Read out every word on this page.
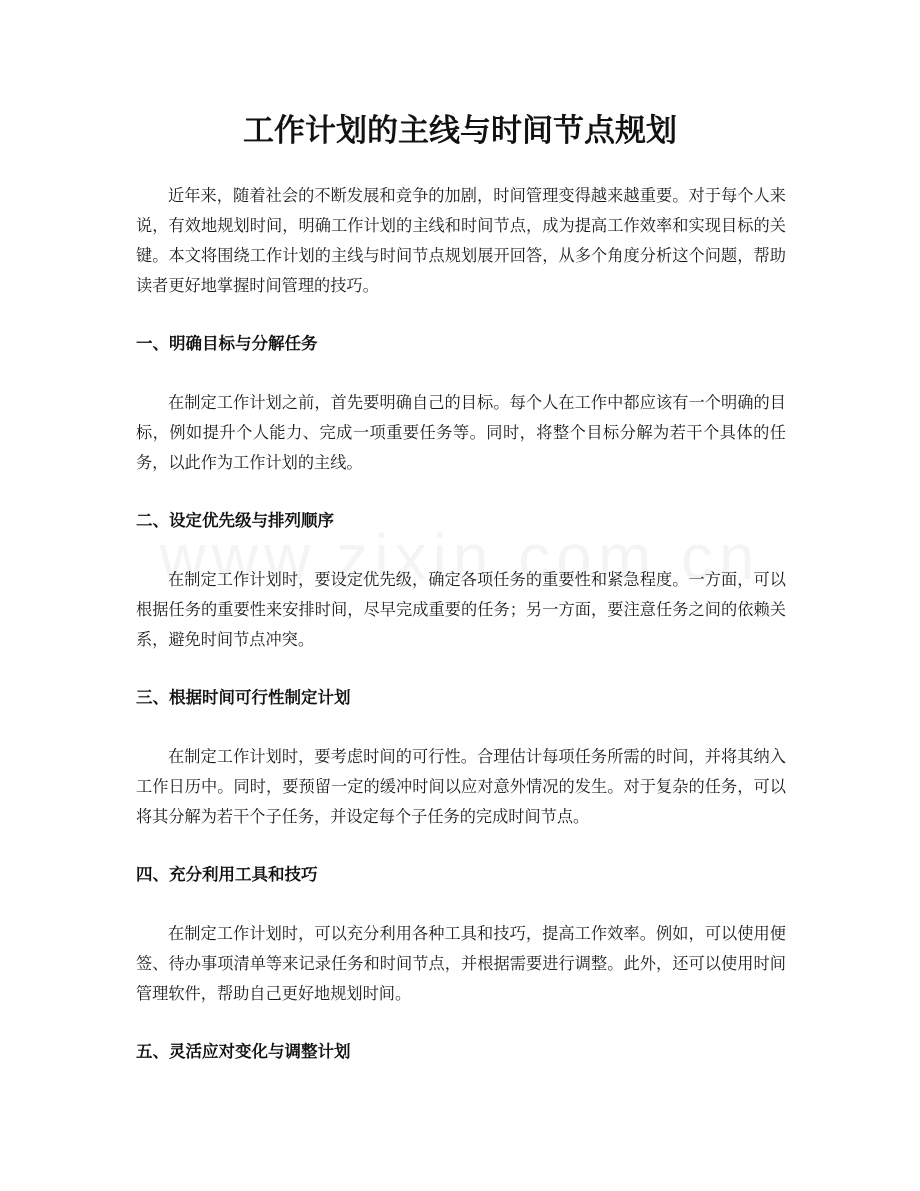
工作计划的主线与时间节点规划

近年来，随着社会的不断发展和竞争的加剧，时间管理变得越来越重要。对于每个人来说，有效地规划时间，明确工作计划的主线和时间节点，成为提高工作效率和实现目标的关键。本文将围绕工作计划的主线与时间节点规划展开回答，从多个角度分析这个问题，帮助读者更好地掌握时间管理的技巧。

一、明确目标与分解任务

在制定工作计划之前，首先要明确自己的目标。每个人在工作中都应该有一个明确的目标，例如提升个人能力、完成一项重要任务等。同时，将整个目标分解为若干个具体的任务，以此作为工作计划的主线。

二、设定优先级与排列顺序

在制定工作计划时，要设定优先级，确定各项任务的重要性和紧急程度。一方面，可以根据任务的重要性来安排时间，尽早完成重要的任务；另一方面，要注意任务之间的依赖关系，避免时间节点冲突。

三、根据时间可行性制定计划

在制定工作计划时，要考虑时间的可行性。合理估计每项任务所需的时间，并将其纳入工作日历中。同时，要预留一定的缓冲时间以应对意外情况的发生。对于复杂的任务，可以将其分解为若干个子任务，并设定每个子任务的完成时间节点。

四、充分利用工具和技巧

在制定工作计划时，可以充分利用各种工具和技巧，提高工作效率。例如，可以使用便签、待办事项清单等来记录任务和时间节点，并根据需要进行调整。此外，还可以使用时间管理软件，帮助自己更好地规划时间。

五、灵活应对变化与调整计划
